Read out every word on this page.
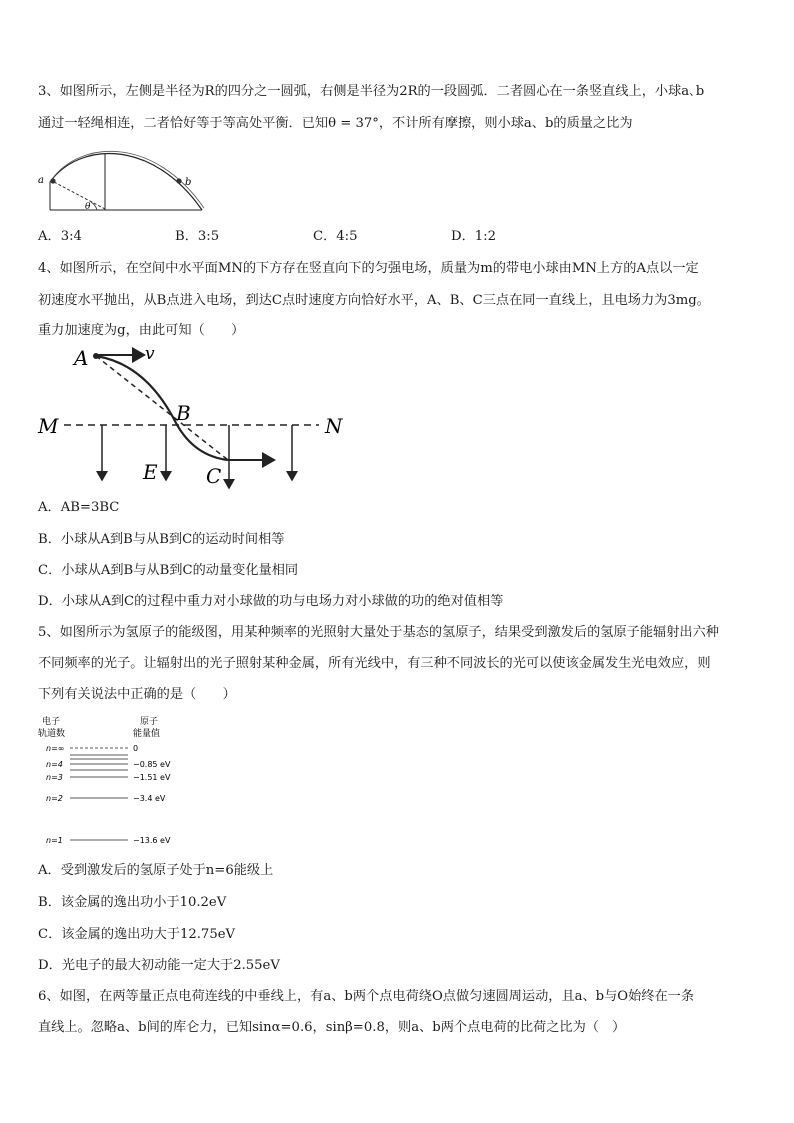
3、如图所示，左侧是半径为R的四分之一圆弧，右侧是半径为2R的一段圆弧．二者圆心在一条竖直线上，小球a､b
通过一轻绳相连，二者恰好等于等高处平衡．已知θ = 37°，不计所有摩擦，则小球a、b的质量之比为
a	b
θ
A．3:4	B．3:5	C．4:5	D．1:2
4、如图所示，在空间中水平面MN的下方存在竖直向下的匀强电场，质量为m的带电小球由MN上方的A点以一定
初速度水平抛出，从B点进入电场，到达C点时速度方向恰好水平，A、B、C三点在同一直线上，且电场力为3mg。
重力加速度为g，由此可知（　　）
A	v
M	N
B
E C
A．AB=3BC
B．小球从A到B与从B到C的运动时间相等
C．小球从A到B与从B到C的动量变化量相同
D．小球从A到C的过程中重力对小球做的功与电场力对小球做的功的绝对值相等
5、如图所示为氢原子的能级图，用某种频率的光照射大量处于基态的氢原子，结果受到激发后的氢原子能辐射出六种
不同频率的光子。让辐射出的光子照射某种金属，所有光线中，有三种不同波长的光可以使该金属发生光电效应，则
下列有关说法中正确的是（　　）
电子
轨道数
原子
能量值
n=∞	0
n=4	−0.85 eV
n=3	−1.51 eV
n=2	−3.4 eV
n=1	−13.6 eV
A．受到激发后的氢原子处于n=6能级上
B．该金属的逸出功小于10.2eV
C．该金属的逸出功大于12.75eV
D．光电子的最大初动能一定大于2.55eV
6、如图，在两等量正点电荷连线的中垂线上，有a、b两个点电荷绕O点做匀速圆周运动，且a、b与O始终在一条
直线上。忽略a、b间的库仑力，已知sinα=0.6，sinβ=0.8，则a、b两个点电荷的比荷之比为（　）
